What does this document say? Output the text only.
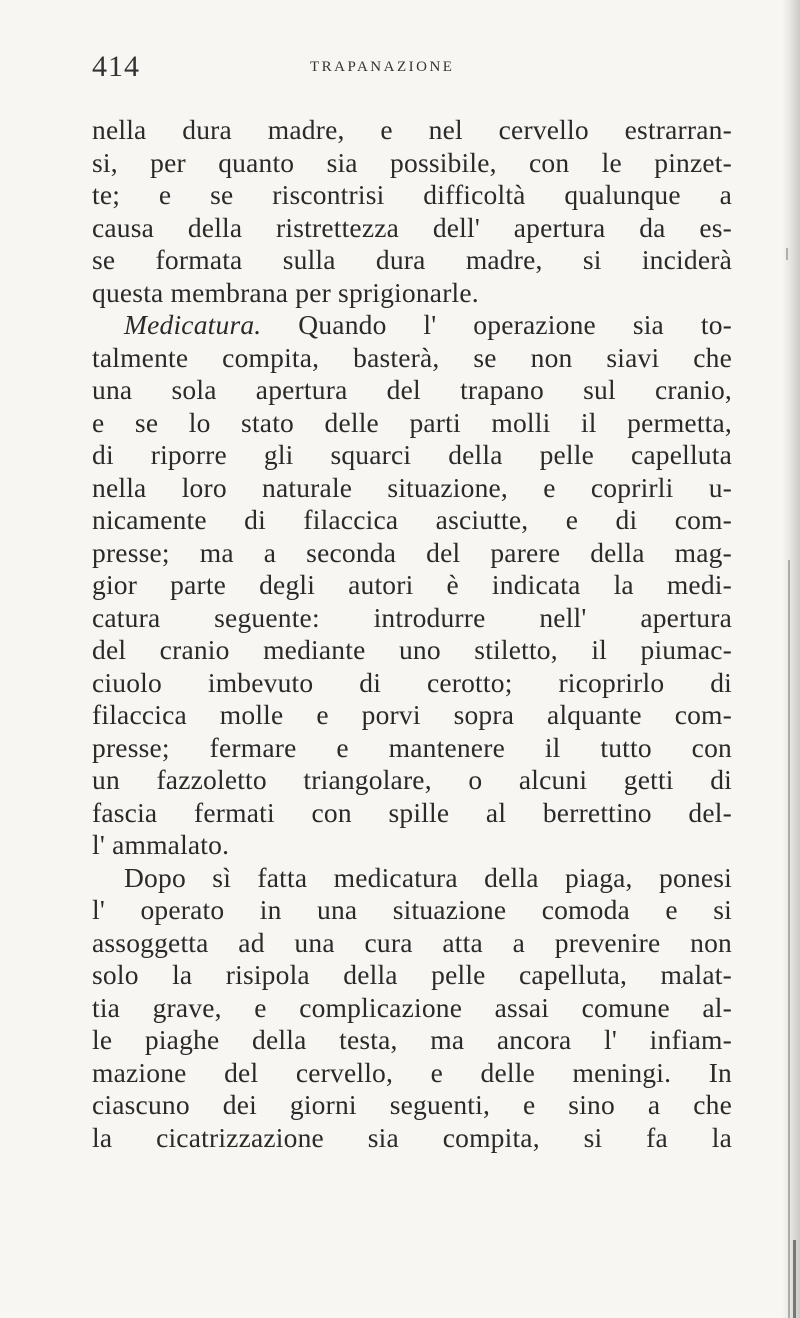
414	TRAPANAZIONE
nella dura madre, e nel cervello estrarran-
si, per quanto sia possibile, con le pinzet-
te; e se riscontrisi difficoltà qualunque a
causa della ristrettezza dell' apertura da es-
se formata sulla dura madre, si inciderà
questa membrana per sprigionarle.
Medicatura. Quando l' operazione sia to-
talmente compita, basterà, se non siavi che
una sola apertura del trapano sul cranio,
e se lo stato delle parti molli il permetta,
di riporre gli squarci della pelle capelluta
nella loro naturale situazione, e coprirli u-
nicamente di filaccica asciutte, e di com-
presse; ma a seconda del parere della mag-
gior parte degli autori è indicata la medi-
catura seguente: introdurre nell' apertura
del cranio mediante uno stiletto, il piumac-
ciuolo imbevuto di cerotto; ricoprirlo di
filaccica molle e porvi sopra alquante com-
presse; fermare e mantenere il tutto con
un fazzoletto triangolare, o alcuni getti di
fascia fermati con spille al berrettino del-
l' ammalato.
Dopo sì fatta medicatura della piaga, ponesi
l' operato in una situazione comoda e si
assoggetta ad una cura atta a prevenire non
solo la risipola della pelle capelluta, malat-
tia grave, e complicazione assai comune al-
le piaghe della testa, ma ancora l' infiam-
mazione del cervello, e delle meningi. In
ciascuno dei giorni seguenti, e sino a che
la cicatrizzazione sia compita, si fa la
